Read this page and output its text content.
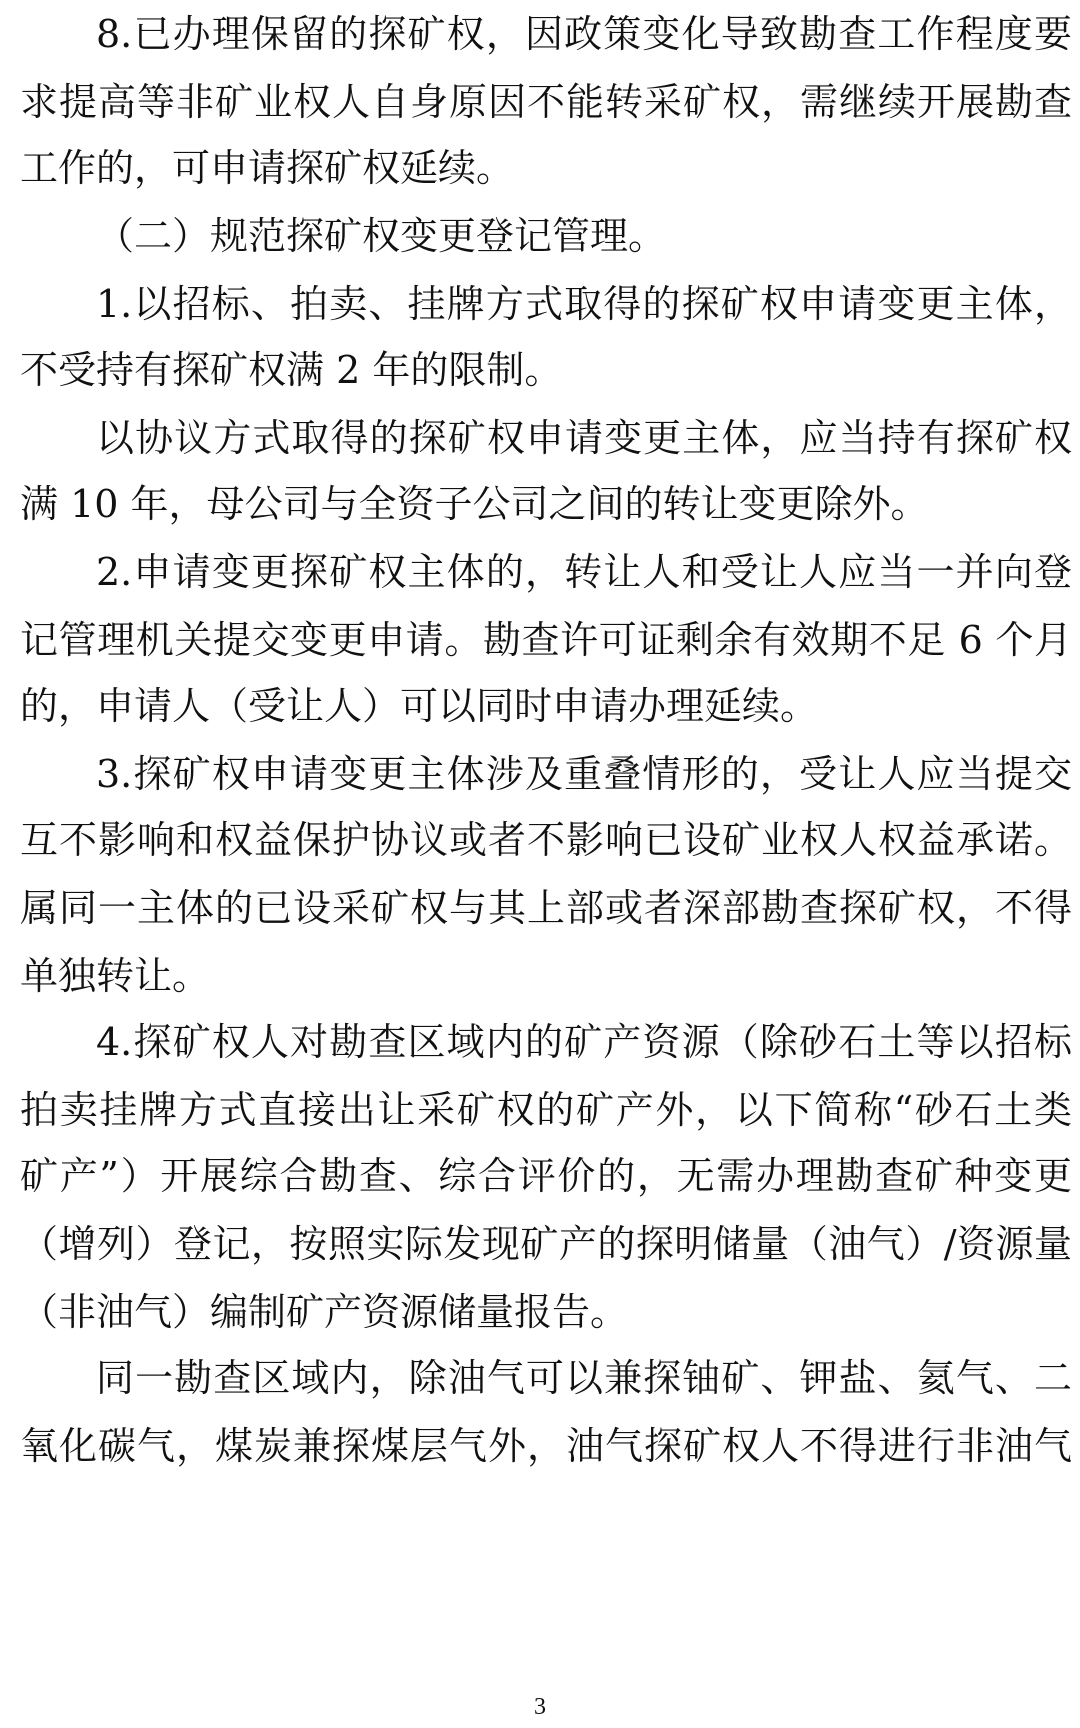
8.已办理保留的探矿权，因政策变化导致勘查工作程度要
求提高等非矿业权人自身原因不能转采矿权，需继续开展勘查
工作的，可申请探矿权延续。
（二）规范探矿权变更登记管理。
1.以招标、拍卖、挂牌方式取得的探矿权申请变更主体，
不受持有探矿权满 2 年的限制。
以协议方式取得的探矿权申请变更主体，应当持有探矿权
满 10 年，母公司与全资子公司之间的转让变更除外。
2.申请变更探矿权主体的，转让人和受让人应当一并向登
记管理机关提交变更申请。勘查许可证剩余有效期不足 6 个月
的，申请人（受让人）可以同时申请办理延续。
3.探矿权申请变更主体涉及重叠情形的，受让人应当提交
互不影响和权益保护协议或者不影响已设矿业权人权益承诺。
属同一主体的已设采矿权与其上部或者深部勘查探矿权，不得
单独转让。
4.探矿权人对勘查区域内的矿产资源（除砂石土等以招标
拍卖挂牌方式直接出让采矿权的矿产外，以下简称“砂石土类
矿产”）开展综合勘查、综合评价的，无需办理勘查矿种变更
（增列）登记，按照实际发现矿产的探明储量（油气）/资源量
（非油气）编制矿产资源储量报告。
同一勘查区域内，除油气可以兼探铀矿、钾盐、氦气、二
氧化碳气，煤炭兼探煤层气外，油气探矿权人不得进行非油气
3
